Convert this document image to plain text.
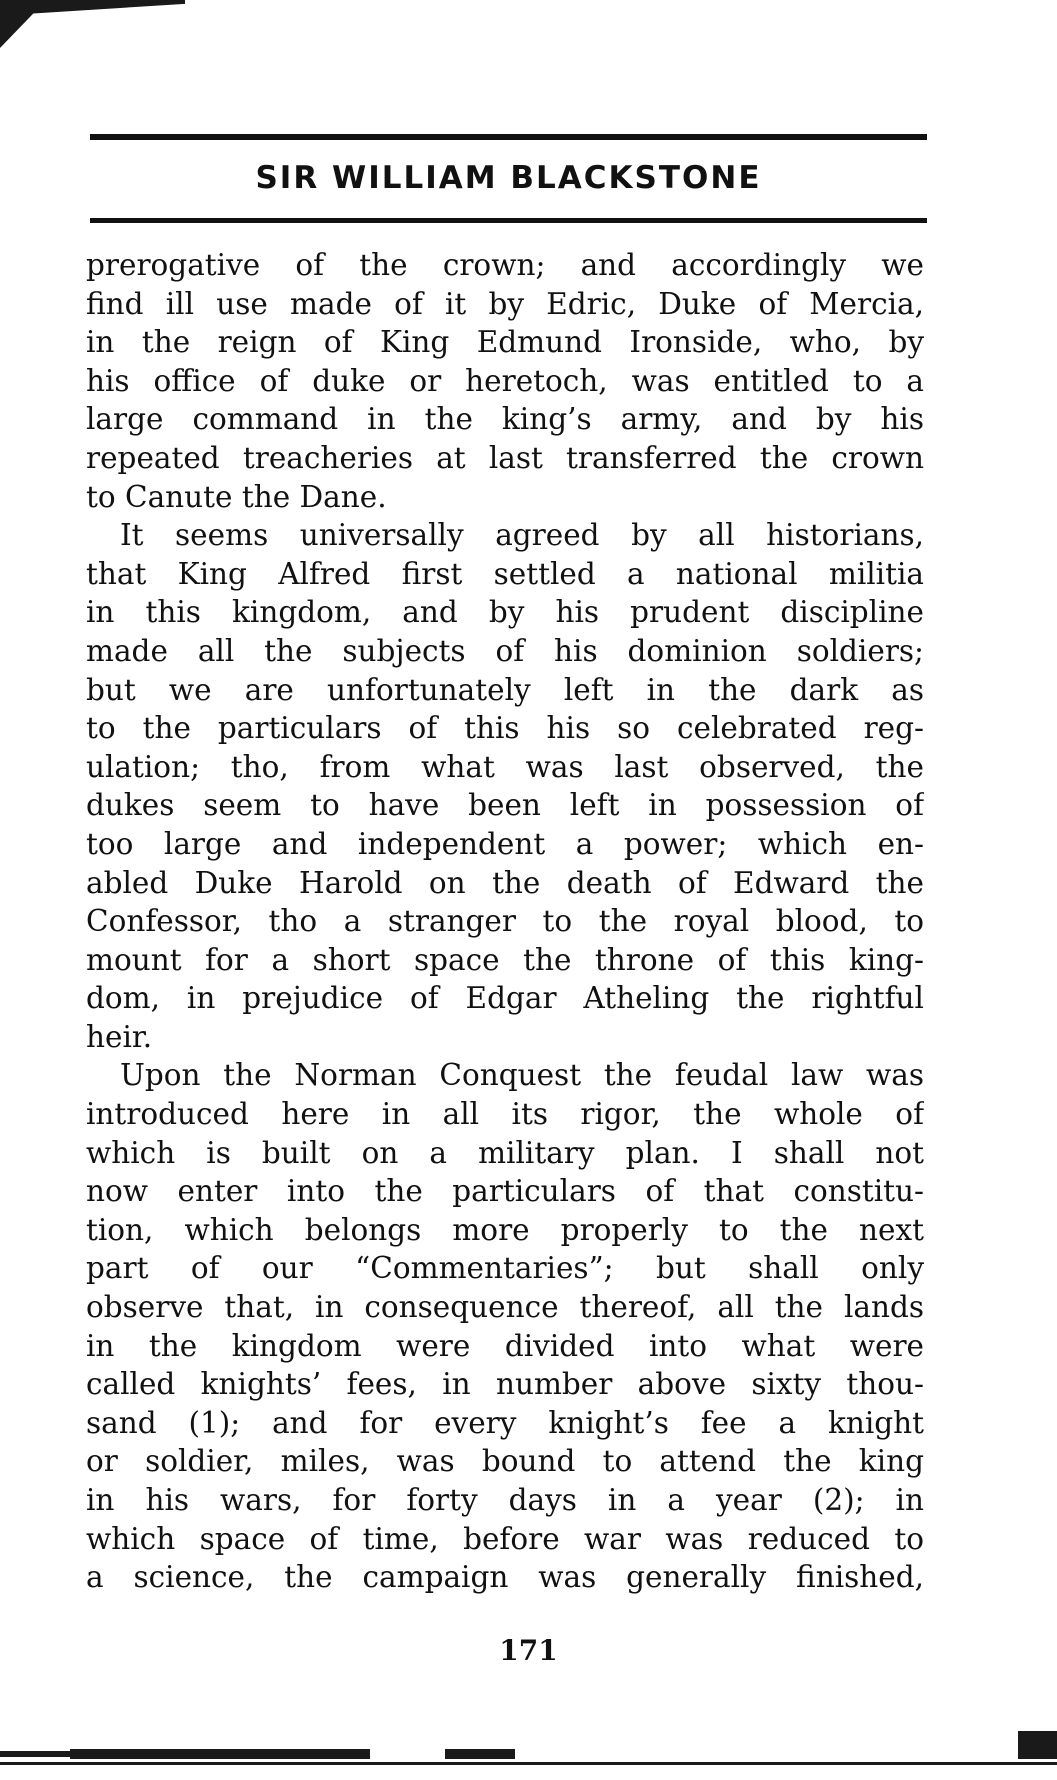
SIR WILLIAM BLACKSTONE
prerogative of the crown; and accordingly we
find ill use made of it by Edric, Duke of Mercia,
in the reign of King Edmund Ironside, who, by
his office of duke or heretoch, was entitled to a
large command in the king’s army, and by his
repeated treacheries at last transferred the crown
to Canute the Dane.
It seems universally agreed by all historians,
that King Alfred first settled a national militia
in this kingdom, and by his prudent discipline
made all the subjects of his dominion soldiers;
but we are unfortunately left in the dark as
to the particulars of this his so celebrated reg-
ulation; tho, from what was last observed, the
dukes seem to have been left in possession of
too large and independent a power; which en-
abled Duke Harold on the death of Edward the
Confessor, tho a stranger to the royal blood, to
mount for a short space the throne of this king-
dom, in prejudice of Edgar Atheling the rightful
heir.
Upon the Norman Conquest the feudal law was
introduced here in all its rigor, the whole of
which is built on a military plan. I shall not
now enter into the particulars of that constitu-
tion, which belongs more properly to the next
part of our “Commentaries”; but shall only
observe that, in consequence thereof, all the lands
in the kingdom were divided into what were
called knights’ fees, in number above sixty thou-
sand (1); and for every knight’s fee a knight
or soldier, miles, was bound to attend the king
in his wars, for forty days in a year (2); in
which space of time, before war was reduced to
a science, the campaign was generally finished,
171
